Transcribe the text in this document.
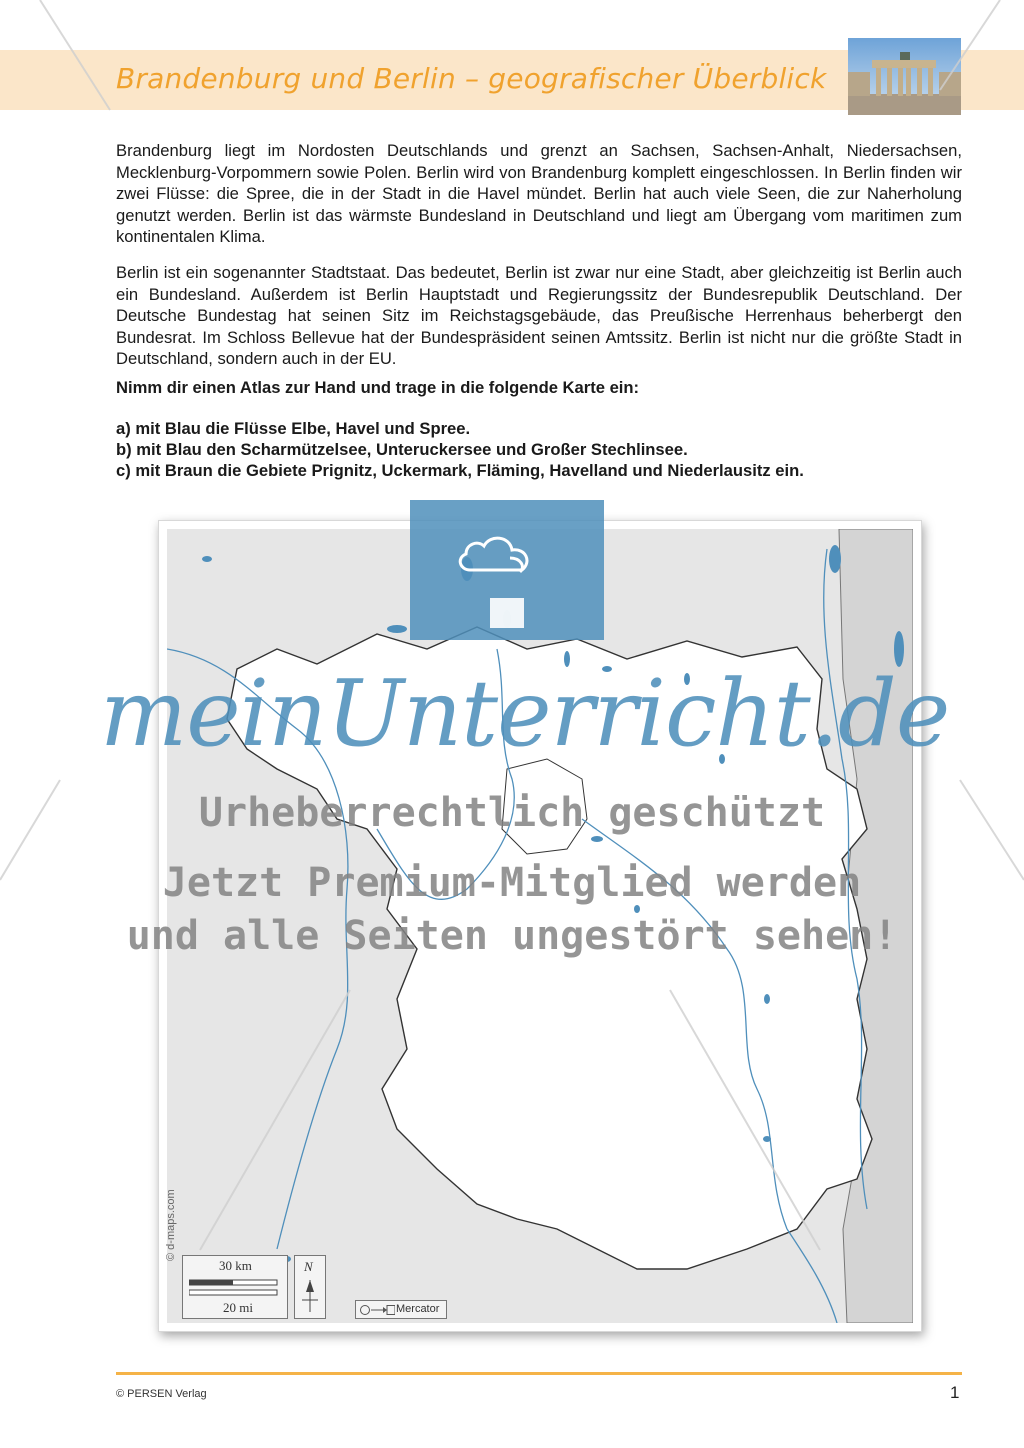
Brandenburg und Berlin – geografischer Überblick
Brandenburg liegt im Nordosten Deutschlands und grenzt an Sachsen, Sachsen-Anhalt, Niedersachsen, Mecklenburg-Vorpommern sowie Polen. Berlin wird von Brandenburg komplett eingeschlossen. In Berlin finden wir zwei Flüsse: die Spree, die in der Stadt in die Havel mündet. Berlin hat auch viele Seen, die zur Naherholung genutzt werden. Berlin ist das wärmste Bundesland in Deutschland und liegt am Übergang vom maritimen zum kontinentalen Klima.
Berlin ist ein sogenannter Stadtstaat. Das bedeutet, Berlin ist zwar nur eine Stadt, aber gleichzeitig ist Berlin auch ein Bundesland. Außerdem ist Berlin Hauptstadt und Regierungssitz der Bundesrepublik Deutschland. Der Deutsche Bundestag hat seinen Sitz im Reichstagsgebäude, das Preußische Herrenhaus beherbergt den Bundesrat. Im Schloss Bellevue hat der Bundespräsident seinen Amtssitz. Berlin ist nicht nur die größte Stadt in Deutschland, sondern auch in der EU.
Nimm dir einen Atlas zur Hand und trage in die folgende Karte ein:
a) mit Blau die Flüsse Elbe, Havel und Spree.
b) mit Blau den Scharmützelsee, Unteruckersee und Großer Stechlinsee.
c) mit Braun die Gebiete Prignitz, Uckermark, Fläming, Havelland und Niederlausitz ein.
© d-maps.com
30 km
20 mi
N
Mercator
meinUnterricht.de
Urheberrechtlich geschützt
Jetzt Premium-Mitglied werden
und alle Seiten ungestört sehen!
© PERSEN Verlag	1
